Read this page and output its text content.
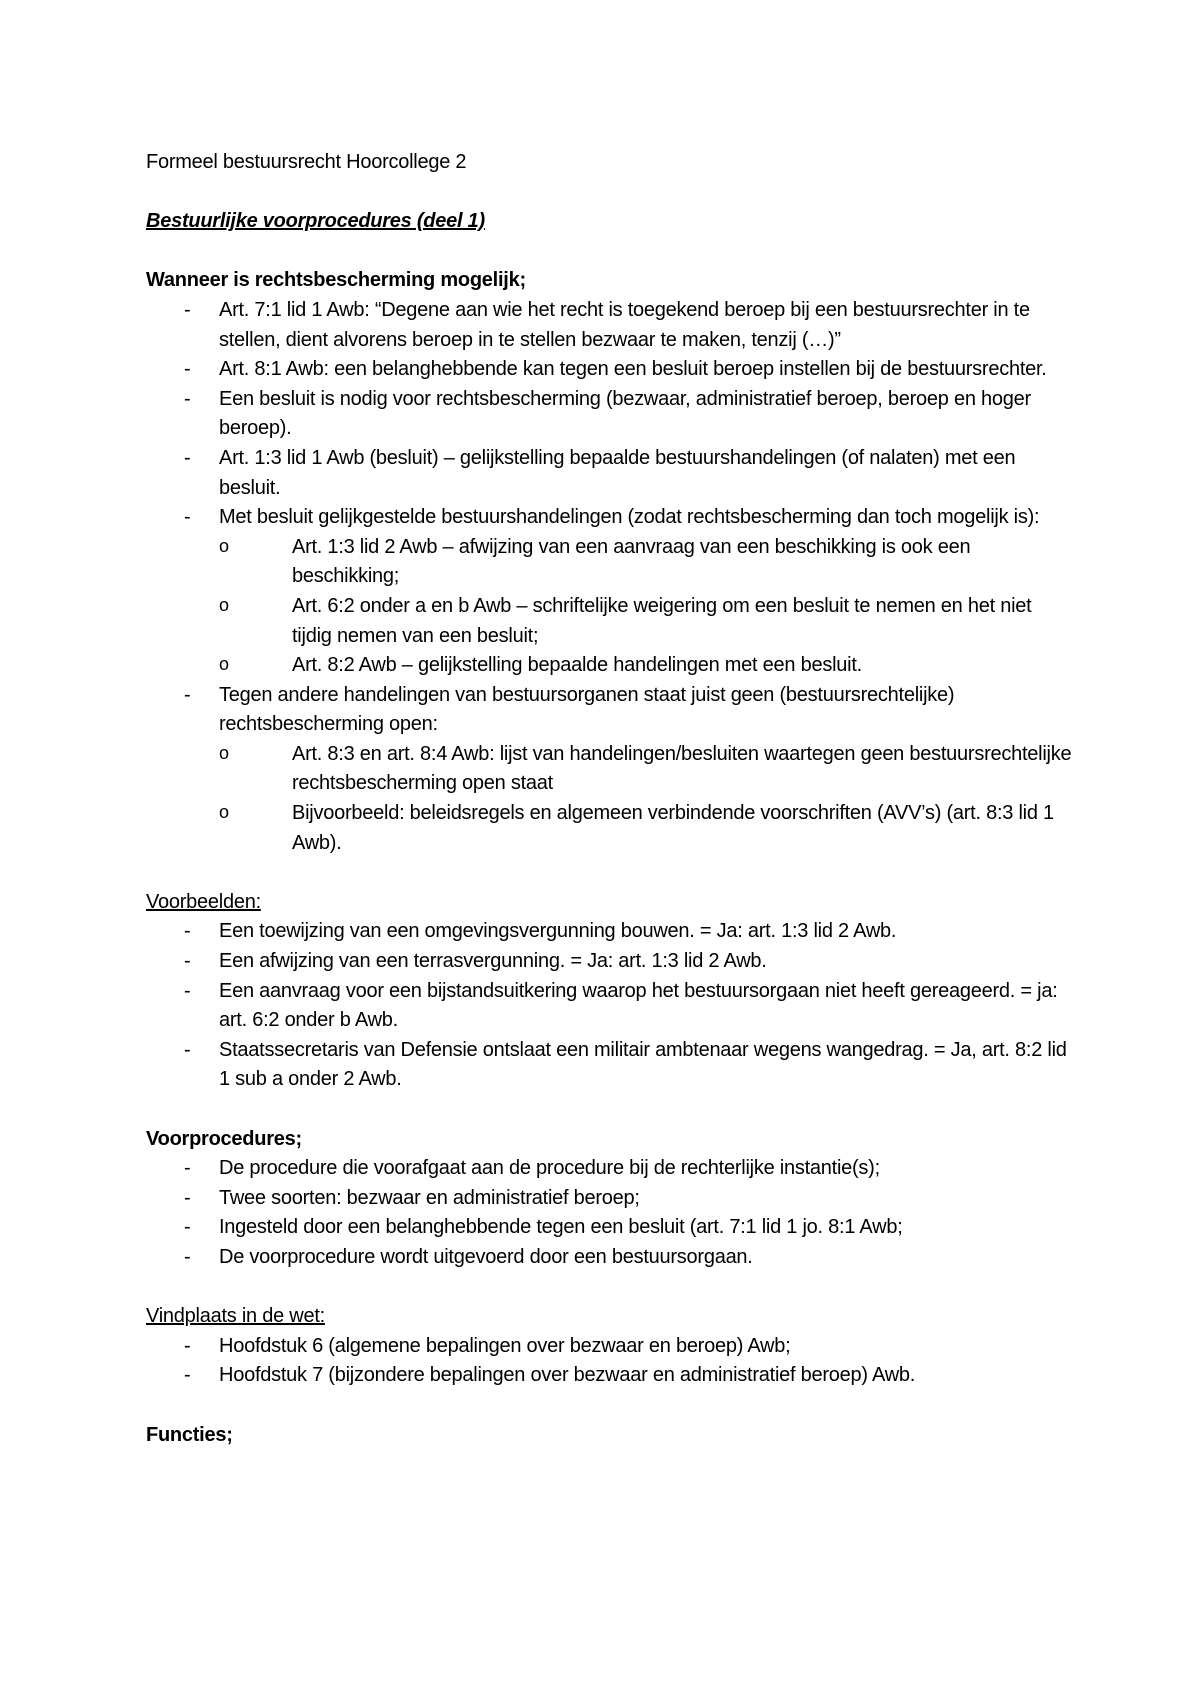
Formeel bestuursrecht Hoorcollege 2

Bestuurlijke voorprocedures (deel 1)

Wanneer is rechtsbescherming mogelijk;

- Art. 7:1 lid 1 Awb: “Degene aan wie het recht is toegekend beroep bij een bestuursrechter in te stellen, dient alvorens beroep in te stellen bezwaar te maken, tenzij (…)”
- Art. 8:1 Awb: een belanghebbende kan tegen een besluit beroep instellen bij de bestuursrechter.
- Een besluit is nodig voor rechtsbescherming (bezwaar, administratief beroep, beroep en hoger beroep).
- Art. 1:3 lid 1 Awb (besluit) – gelijkstelling bepaalde bestuurshandelingen (of nalaten) met een besluit.
- Met besluit gelijkgestelde bestuurshandelingen (zodat rechtsbescherming dan toch mogelijk is):
o Art. 1:3 lid 2 Awb – afwijzing van een aanvraag van een beschikking is ook een beschikking;
o Art. 6:2 onder a en b Awb – schriftelijke weigering om een besluit te nemen en het niet tijdig nemen van een besluit;
o Art. 8:2 Awb – gelijkstelling bepaalde handelingen met een besluit.
- Tegen andere handelingen van bestuursorganen staat juist geen (bestuursrechtelijke) rechtsbescherming open:
o Art. 8:3 en art. 8:4 Awb: lijst van handelingen/besluiten waartegen geen bestuursrechtelijke rechtsbescherming open staat
o Bijvoorbeeld: beleidsregels en algemeen verbindende voorschriften (AVV’s) (art. 8:3 lid 1 Awb).

Voorbeelden:

- Een toewijzing van een omgevingsvergunning bouwen. = Ja: art. 1:3 lid 2 Awb.
- Een afwijzing van een terrasvergunning. = Ja: art. 1:3 lid 2 Awb.
- Een aanvraag voor een bijstandsuitkering waarop het bestuursorgaan niet heeft gereageerd. = ja: art. 6:2 onder b Awb.
- Staatssecretaris van Defensie ontslaat een militair ambtenaar wegens wangedrag. = Ja, art. 8:2 lid 1 sub a onder 2 Awb.

Voorprocedures;

- De procedure die voorafgaat aan de procedure bij de rechterlijke instantie(s);
- Twee soorten: bezwaar en administratief beroep;
- Ingesteld door een belanghebbende tegen een besluit (art. 7:1 lid 1 jo. 8:1 Awb;
- De voorprocedure wordt uitgevoerd door een bestuursorgaan.

Vindplaats in de wet:

- Hoofdstuk 6 (algemene bepalingen over bezwaar en beroep) Awb;
- Hoofdstuk 7 (bijzondere bepalingen over bezwaar en administratief beroep) Awb.

Functies;
